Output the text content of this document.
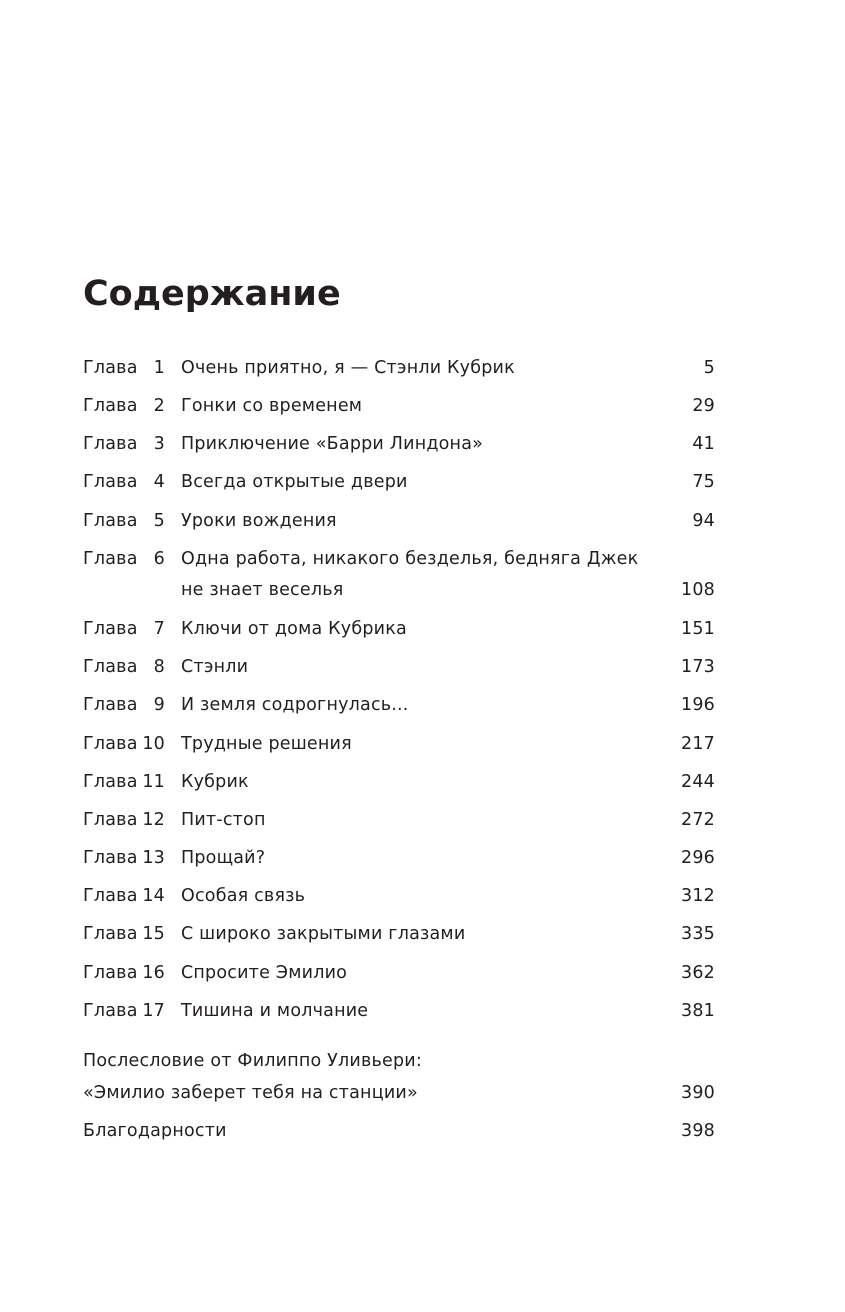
Содержание
Глава 1 Очень приятно, я — Стэнли Кубрик	5
Глава 2 Гонки со временем	29
Глава 3 Приключение «Барри Линдона»	41
Глава 4 Всегда открытые двери	75
Глава 5 Уроки вождения	94
Глава 6 Одна работа, никакого безделья, бедняга Джек
не знает веселья	108
Глава 7 Ключи от дома Кубрика	151
Глава 8 Стэнли	173
Глава 9 И земля содрогнулась...	196
Глава 10 Трудные решения	217
Глава 11 Кубрик	244
Глава 12 Пит-стоп	272
Глава 13 Прощай?	296
Глава 14 Особая связь	312
Глава 15 С широко закрытыми глазами	335
Глава 16 Спросите Эмилио	362
Глава 17 Тишина и молчание	381
Послесловие от Филиппо Уливьери:
«Эмилио заберет тебя на станции»	390
Благодарности	398
